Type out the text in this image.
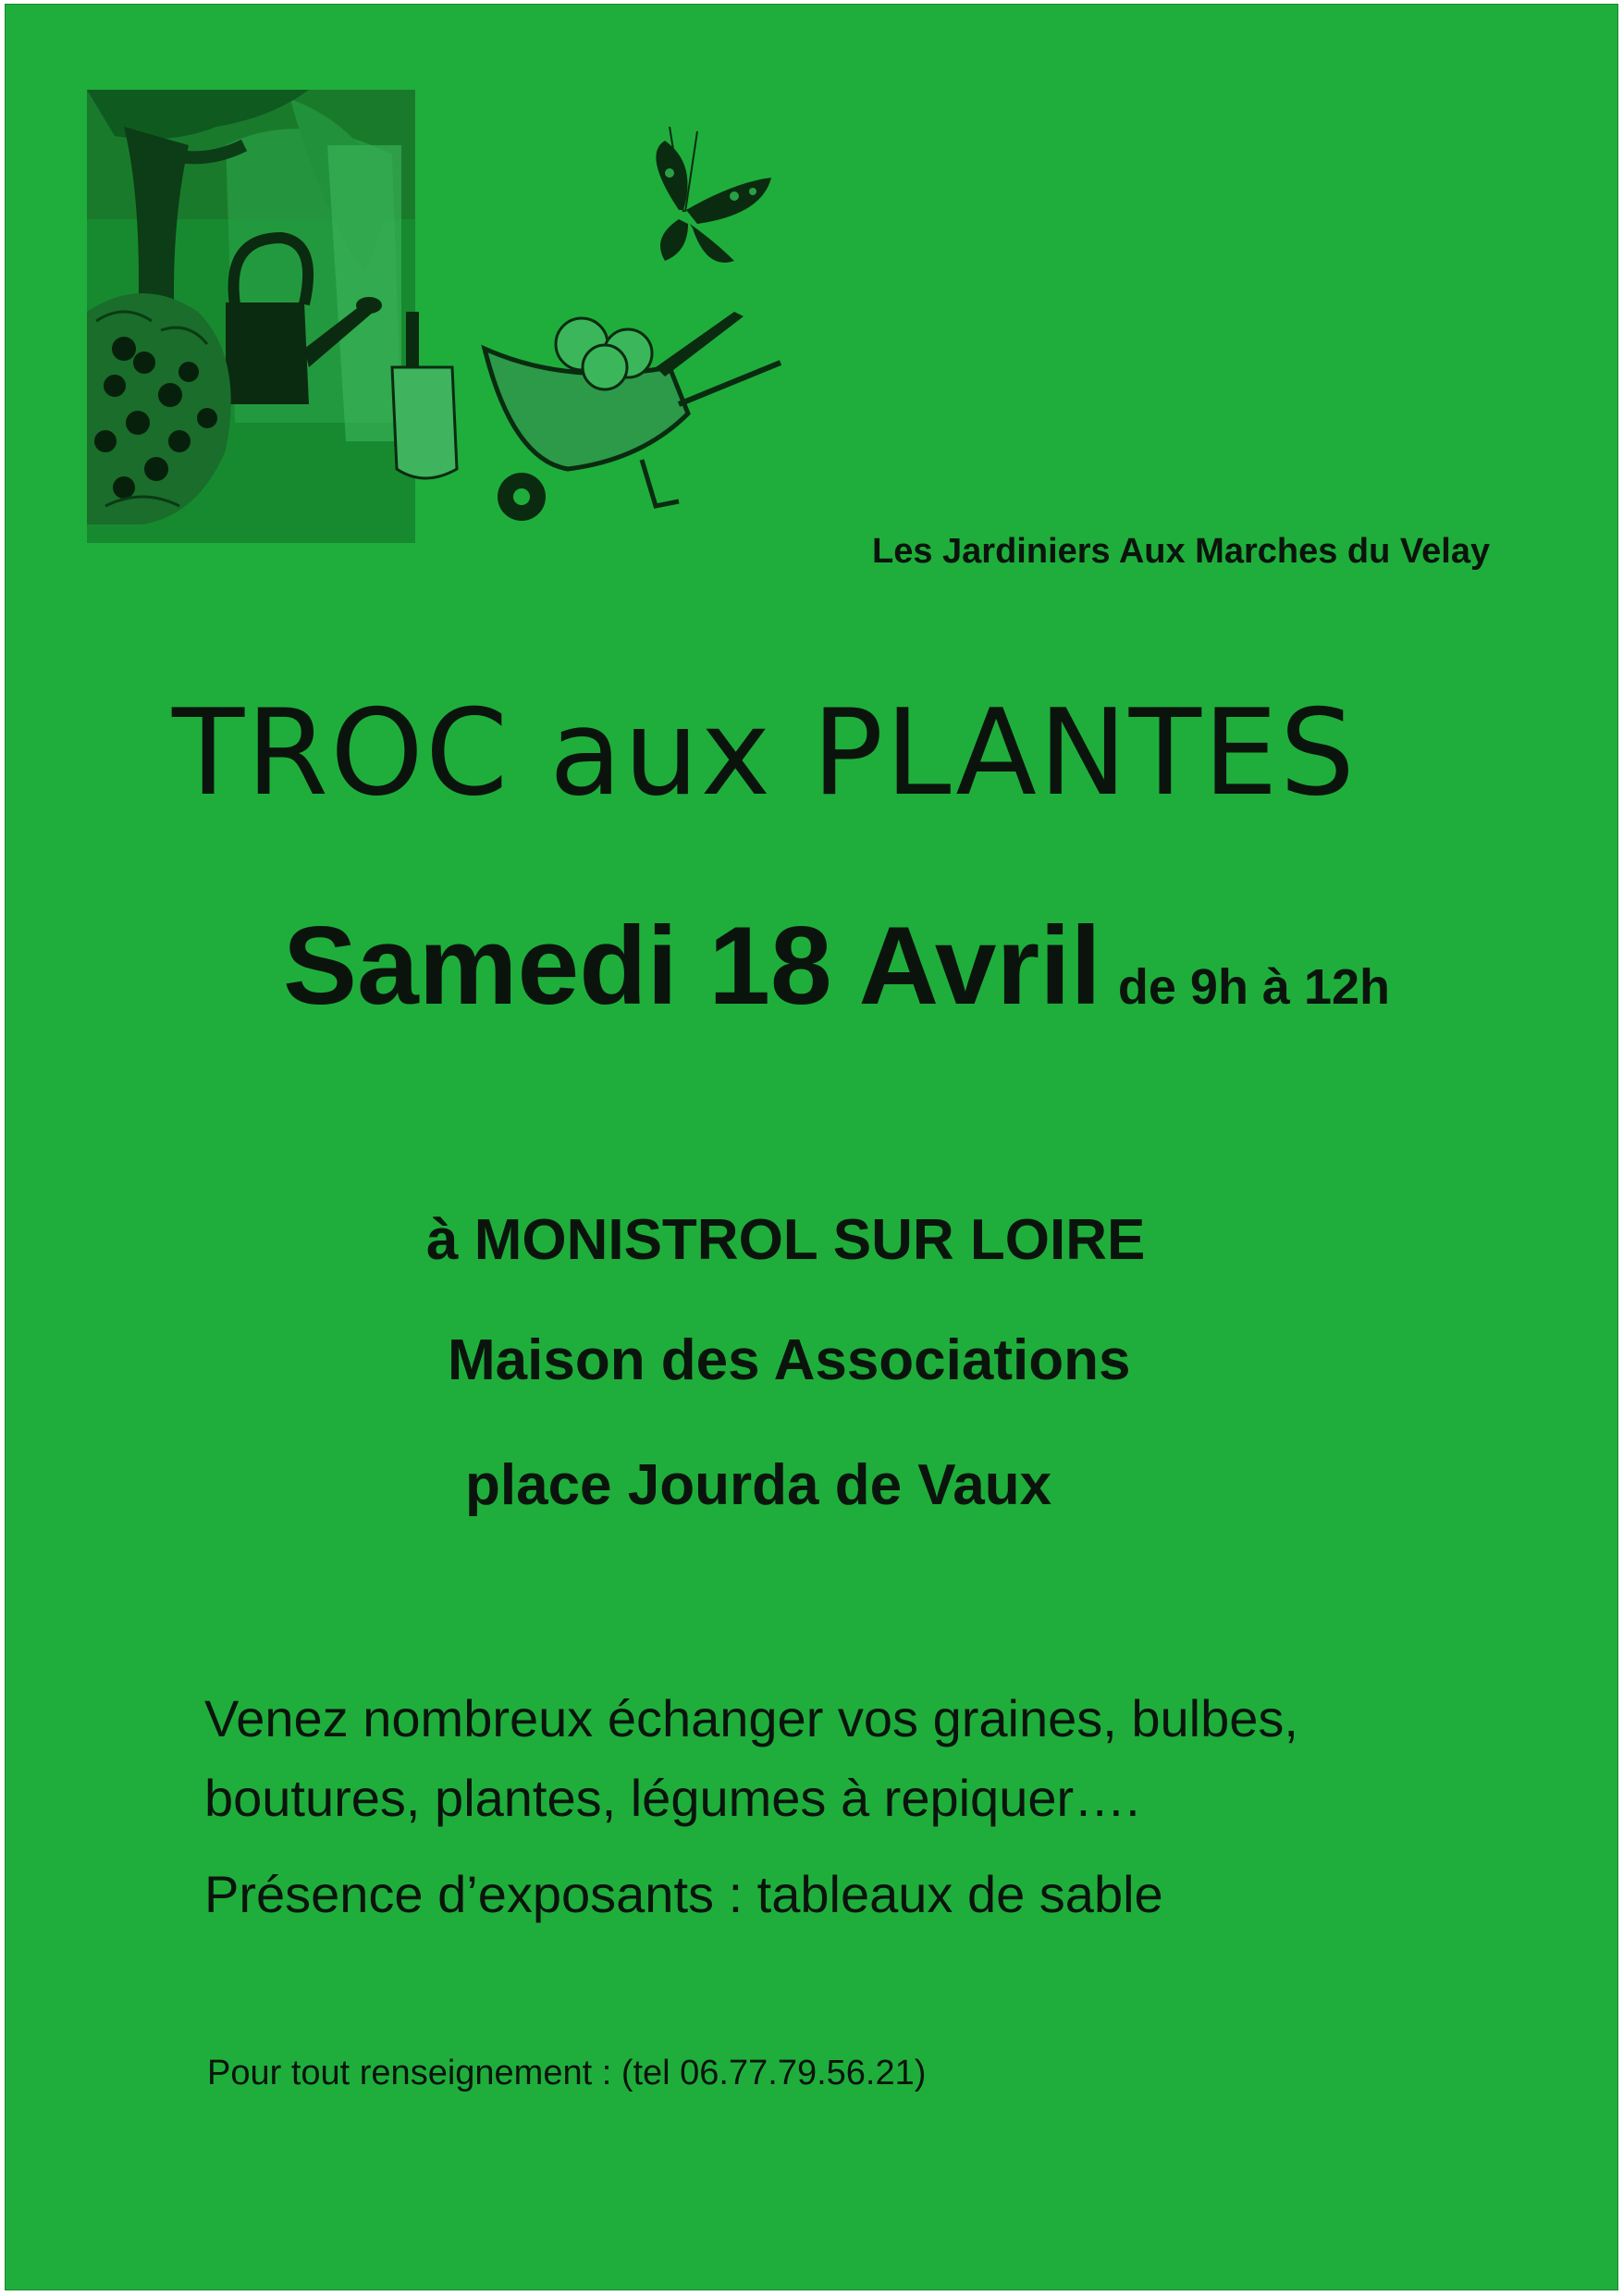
Les Jardiniers Aux Marches du Velay
TROC aux PLANTES
Samedi 18 Avril de 9h à 12h
à MONISTROL SUR LOIRE
Maison des Associations
place Jourda de Vaux
Venez nombreux échanger vos graines, bulbes,
boutures, plantes, légumes à repiquer….
Présence d’exposants : tableaux de sable
Pour tout renseignement : (tel 06.77.79.56.21)
